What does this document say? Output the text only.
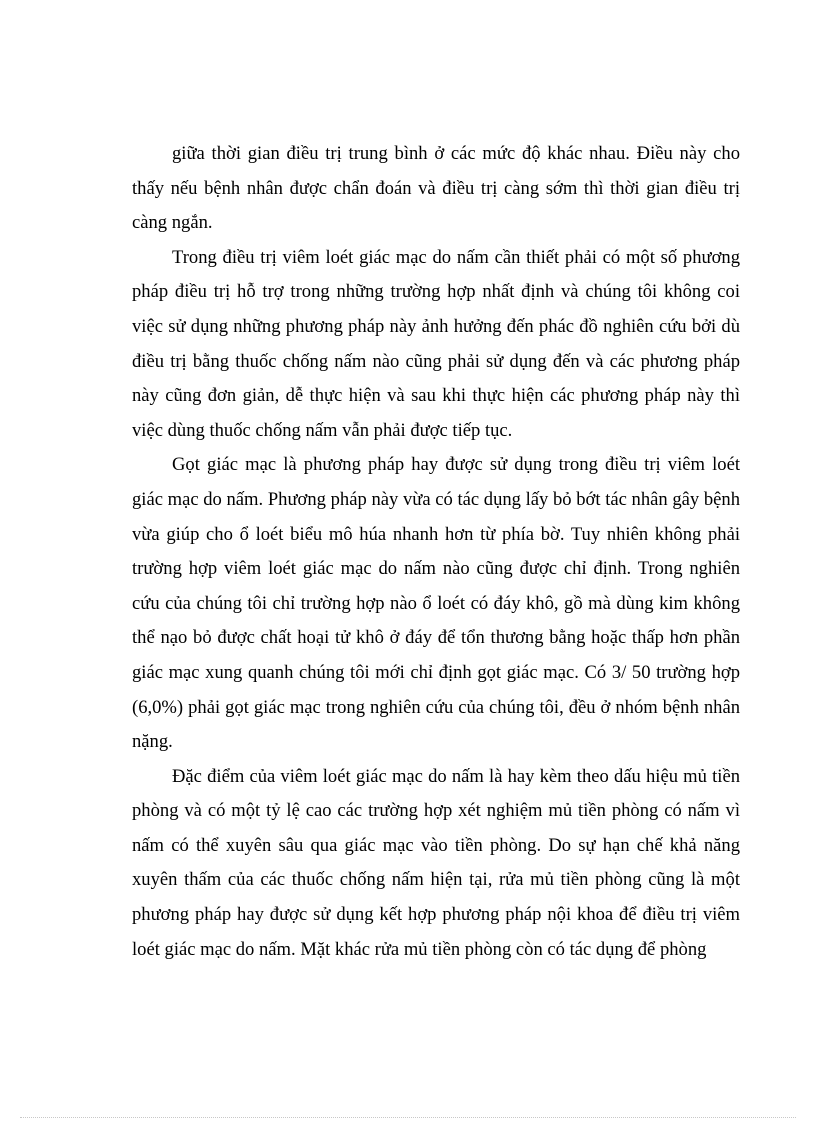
giữa thời gian điều trị trung bình ở các mức độ khác nhau. Điều này cho thấy nếu bệnh nhân được chẩn đoán và điều trị càng sớm thì thời gian điều trị càng ngắn.

Trong điều trị viêm loét giác mạc do nấm cần thiết phải có một số phương pháp điều trị hỗ trợ trong những trường hợp nhất định và chúng tôi không coi việc sử dụng những phương pháp này ảnh hưởng đến phác đồ nghiên cứu bởi dù điều trị bằng thuốc chống nấm nào cũng phải sử dụng đến và các phương pháp này cũng đơn giản, dễ thực hiện và sau khi thực hiện các phương pháp này thì việc dùng thuốc chống nấm vẫn phải được tiếp tục.

Gọt giác mạc là phương pháp hay được sử dụng trong điều trị viêm loét giác mạc do nấm. Phương pháp này vừa có tác dụng lấy bỏ bớt tác nhân gây bệnh vừa giúp cho ổ loét biểu mô húa nhanh hơn từ phía bờ. Tuy nhiên không phải trường hợp viêm loét giác mạc do nấm nào cũng được chỉ định. Trong nghiên cứu của chúng tôi chỉ trường hợp nào ổ loét có đáy khô, gồ mà dùng kim không thể nạo bỏ được chất hoại tử khô ở đáy để tổn thương bằng hoặc thấp hơn phần giác mạc xung quanh chúng tôi mới chỉ định gọt giác mạc. Có 3/ 50 trường hợp (6,0%) phải gọt giác mạc trong nghiên cứu của chúng tôi, đều ở nhóm bệnh nhân nặng.

Đặc điểm của viêm loét giác mạc do nấm là hay kèm theo dấu hiệu mủ tiền phòng và có một tỷ lệ cao các trường hợp xét nghiệm mủ tiền phòng có nấm vì nấm có thể xuyên sâu qua giác mạc vào tiền phòng. Do sự hạn chế khả năng xuyên thấm của các thuốc chống nấm hiện tại, rửa mủ tiền phòng cũng là một phương pháp hay được sử dụng kết hợp phương pháp nội khoa để điều trị viêm loét giác mạc do nấm. Mặt khác rửa mủ tiền phòng còn có tác dụng để phòng
